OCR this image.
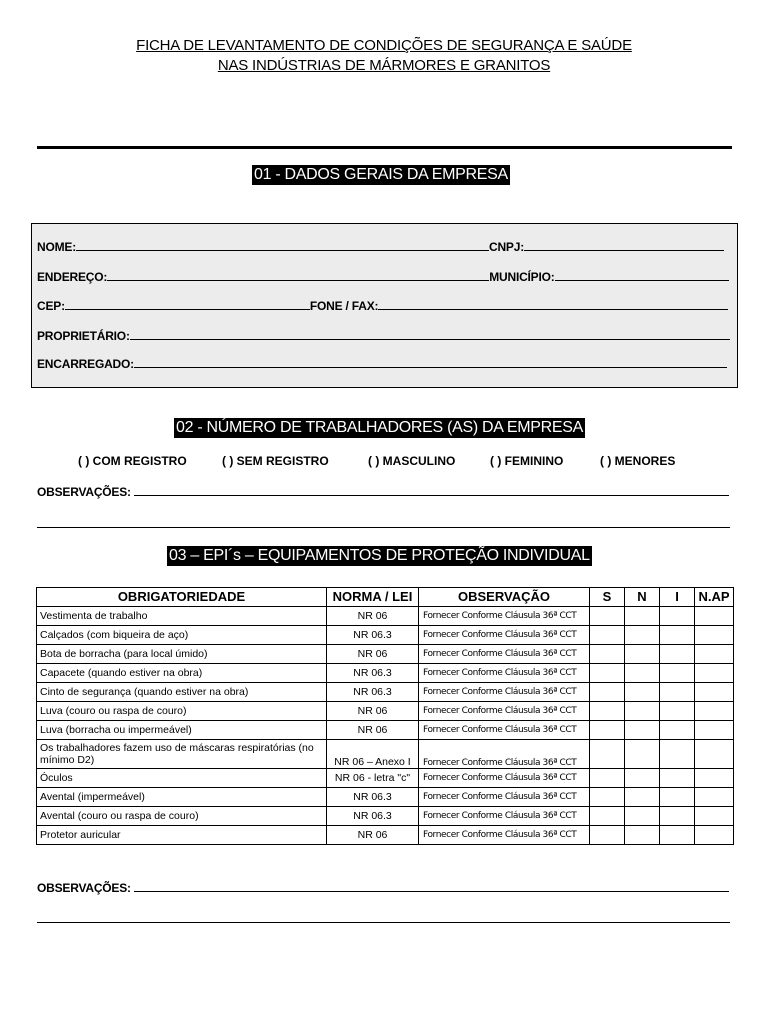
FICHA DE LEVANTAMENTO DE CONDIÇÕES DE SEGURANÇA E SAÚDE
NAS INDÚSTRIAS DE MÁRMORES E GRANITOS
01 - DADOS GERAIS DA EMPRESA
NOME:	CNPJ:
ENDEREÇO:	MUNICÍPIO:
CEP:	FONE / FAX:
PROPRIETÁRIO:
ENCARREGADO:
02 - NÚMERO DE TRABALHADORES (AS) DA EMPRESA
( ) COM REGISTRO	( ) SEM REGISTRO	( ) MASCULINO	( ) FEMININO	( ) MENORES
OBSERVAÇÕES:
03 – EPI´s – EQUIPAMENTOS DE PROTEÇÃO INDIVIDUAL
OBRIGATORIEDADE	NORMA / LEI	OBSERVAÇÃO	S	N	I	N.AP
Vestimenta de trabalho	NR 06	Fornecer Conforme Cláusula 36ª CCT				
Calçados (com biqueira de aço)	NR 06.3	Fornecer Conforme Cláusula 36ª CCT				
Bota de borracha (para local úmido)	NR 06	Fornecer Conforme Cláusula 36ª CCT				
Capacete (quando estiver na obra)	NR 06.3	Fornecer Conforme Cláusula 36ª CCT				
Cinto de segurança (quando estiver na obra)	NR 06.3	Fornecer Conforme Cláusula 36ª CCT				
Luva (couro ou raspa de couro)	NR 06	Fornecer Conforme Cláusula 36ª CCT				
Luva (borracha ou impermeável)	NR 06	Fornecer Conforme Cláusula 36ª CCT				
Os trabalhadores fazem uso de máscaras respiratórias (no mínimo D2)	NR 06 – Anexo I	Fornecer Conforme Cláusula 36ª CCT				
Óculos	NR 06 - letra "c"	Fornecer Conforme Cláusula 36ª CCT				
Avental (impermeável)	NR 06.3	Fornecer Conforme Cláusula 36ª CCT				
Avental (couro ou raspa de couro)	NR 06.3	Fornecer Conforme Cláusula 36ª CCT				
Protetor auricular	NR 06	Fornecer Conforme Cláusula 36ª CCT				
OBSERVAÇÕES:
